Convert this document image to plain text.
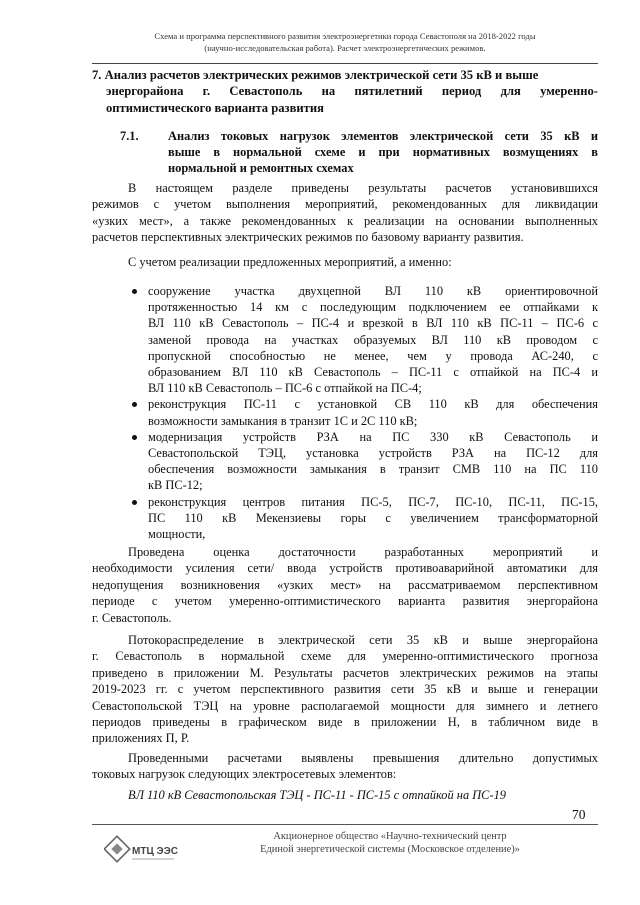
Схема и программа перспективного развития электроэнергетики города Севастополя на 2018-2022 годы
(научно-исследовательская работа). Расчет электроэнергетических режимов.
7. Анализ расчетов электрических режимов электрической сети 35 кВ и выше
энергорайона г. Севастополь на пятилетний период для умеренно-
оптимистического варианта развития
7.1. Анализ токовых нагрузок элементов электрической сети 35 кВ и
выше в нормальной схеме и при нормативных возмущениях в
нормальной и ремонтных схемах
В настоящем разделе приведены результаты расчетов установившихся
режимов с учетом выполнения мероприятий, рекомендованных для ликвидации
«узких мест», а также рекомендованных к реализации на основании выполненных
расчетов перспективных электрических режимов по базовому варианту развития.
С учетом реализации предложенных мероприятий, а именно:
сооружение участка двухцепной ВЛ 110 кВ ориентировочной
протяженностью 14 км с последующим подключением ее отпайками к
ВЛ 110 кВ Севастополь – ПС-4 и врезкой в ВЛ 110 кВ ПС-11 – ПС-6 с
заменой провода на участках образуемых ВЛ 110 кВ проводом с
пропускной способностью не менее, чем у провода АС-240, с
образованием ВЛ 110 кВ Севастополь – ПС-11 с отпайкой на ПС-4 и
ВЛ 110 кВ Севастополь – ПС-6 с отпайкой на ПС-4;
реконструкция ПС-11 с установкой СВ 110 кВ для обеспечения
возможности замыкания в транзит 1С и 2С 110 кВ;
модернизация устройств РЗА на ПС 330 кВ Севастополь и
Севастопольской ТЭЦ, установка устройств РЗА на ПС-12 для
обеспечения возможности замыкания в транзит СМВ 110 на ПС 110
кВ ПС-12;
реконструкция центров питания ПС-5, ПС-7, ПС-10, ПС-11, ПС-15,
ПС 110 кВ Мекензиевы горы с увеличением трансформаторной
мощности,
Проведена оценка достаточности разработанных мероприятий и
необходимости усиления сети/ ввода устройств противоаварийной автоматики для
недопущения возникновения «узких мест» на рассматриваемом перспективном
периоде с учетом умеренно-оптимистического варианта развития энергорайона
г. Севастополь.
Потокораспределение в электрической сети 35 кВ и выше энергорайона
г. Севастополь в нормальной схеме для умеренно-оптимистического прогноза
приведено в приложении М. Результаты расчетов электрических режимов на этапы
2019-2023 гг. с учетом перспективного развития сети 35 кВ и выше и генерации
Севастопольской ТЭЦ на уровне располагаемой мощности для зимнего и летнего
периодов приведены в графическом виде в приложении Н, в табличном виде в
приложениях П, Р.
Проведенными расчетами выявлены превышения длительно допустимых
токовых нагрузок следующих электросетевых элементов:
ВЛ 110 кВ Севастопольская ТЭЦ - ПС-11 - ПС-15 с отпайкой на ПС-19
70
МТЦ ЭЭС
Акционерное общество «Научно-технический центр
Единой энергетической системы (Московское отделение)»
